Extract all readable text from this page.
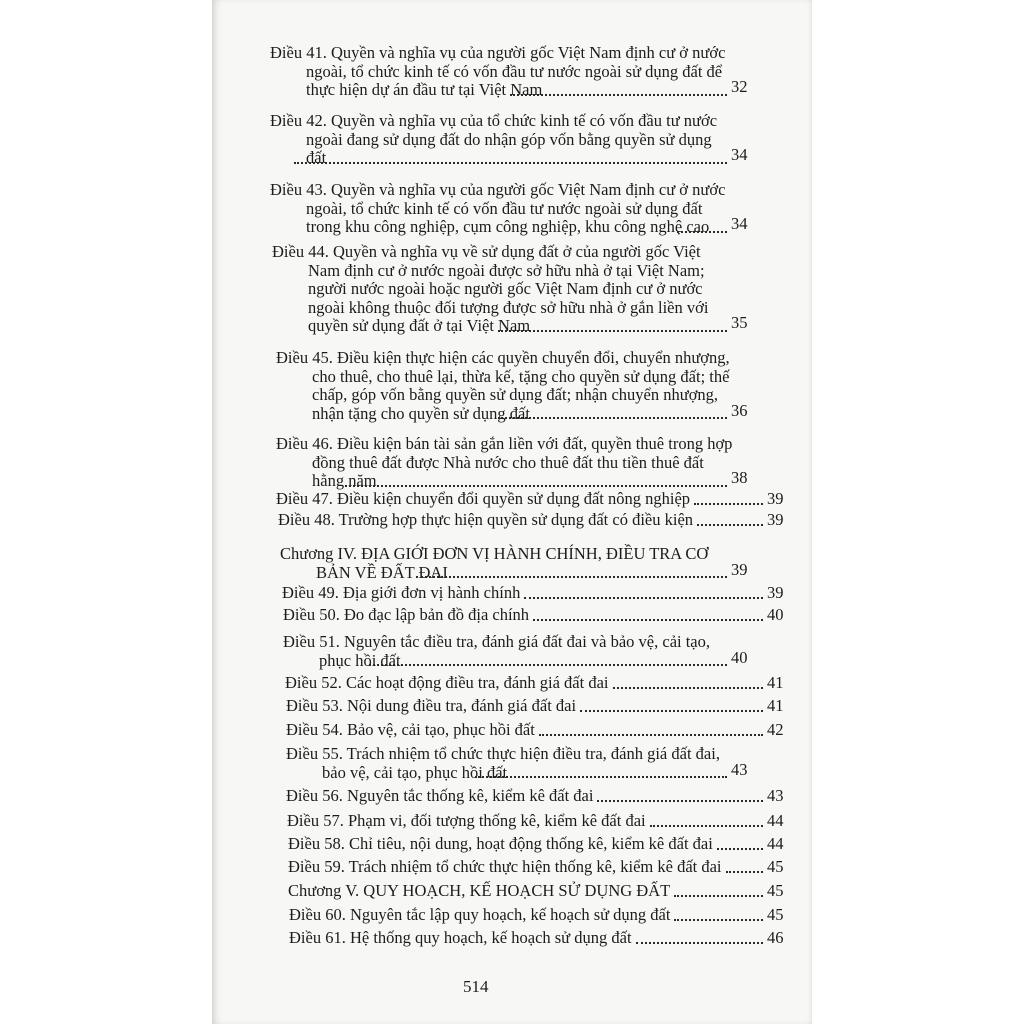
Điều 41. Quyền và nghĩa vụ của người gốc Việt Nam định cư ở nước
ngoài, tổ chức kinh tế có vốn đầu tư nước ngoài sử dụng đất để
thực hiện dự án đầu tư tại Việt Nam	32
Điều 42. Quyền và nghĩa vụ của tổ chức kinh tế có vốn đầu tư nước
ngoài đang sử dụng đất do nhận góp vốn bằng quyền sử dụng
đất	34
Điều 43. Quyền và nghĩa vụ của người gốc Việt Nam định cư ở nước
ngoài, tổ chức kinh tế có vốn đầu tư nước ngoài sử dụng đất
trong khu công nghiệp, cụm công nghiệp, khu công nghệ cao 34
Điều 44. Quyền và nghĩa vụ về sử dụng đất ở của người gốc Việt
Nam định cư ở nước ngoài được sở hữu nhà ở tại Việt Nam;
người nước ngoài hoặc người gốc Việt Nam định cư ở nước
ngoài không thuộc đối tượng được sở hữu nhà ở gắn liền với
quyền sử dụng đất ở tại Việt Nam	35
Điều 45. Điều kiện thực hiện các quyền chuyển đổi, chuyển nhượng,
cho thuê, cho thuê lại, thừa kế, tặng cho quyền sử dụng đất; thế
chấp, góp vốn bằng quyền sử dụng đất; nhận chuyển nhượng,
nhận tặng cho quyền sử dụng đất	36
Điều 46. Điều kiện bán tài sản gắn liền với đất, quyền thuê trong hợp
đồng thuê đất được Nhà nước cho thuê đất thu tiền thuê đất
hằng năm	38
Điều 47. Điều kiện chuyển đổi quyền sử dụng đất nông nghiệp	39
Điều 48. Trường hợp thực hiện quyền sử dụng đất có điều kiện	39
Chương IV. ĐỊA GIỚI ĐƠN VỊ HÀNH CHÍNH, ĐIỀU TRA CƠ
BẢN VỀ ĐẤT ĐAI	39
Điều 49. Địa giới đơn vị hành chính	39
Điều 50. Đo đạc lập bản đồ địa chính	40
Điều 51. Nguyên tắc điều tra, đánh giá đất đai và bảo vệ, cải tạo,
phục hồi đất	40
Điều 52. Các hoạt động điều tra, đánh giá đất đai	41
Điều 53. Nội dung điều tra, đánh giá đất đai	41
Điều 54. Bảo vệ, cải tạo, phục hồi đất	42
Điều 55. Trách nhiệm tổ chức thực hiện điều tra, đánh giá đất đai,
bảo vệ, cải tạo, phục hồi đất	43
Điều 56. Nguyên tắc thống kê, kiểm kê đất đai	43
Điều 57. Phạm vi, đối tượng thống kê, kiểm kê đất đai	44
Điều 58. Chỉ tiêu, nội dung, hoạt động thống kê, kiểm kê đất đai	44
Điều 59. Trách nhiệm tổ chức thực hiện thống kê, kiểm kê đất đai	45
Chương V. QUY HOẠCH, KẾ HOẠCH SỬ DỤNG ĐẤT	45
Điều 60. Nguyên tắc lập quy hoạch, kế hoạch sử dụng đất	45
Điều 61. Hệ thống quy hoạch, kế hoạch sử dụng đất	46
514
